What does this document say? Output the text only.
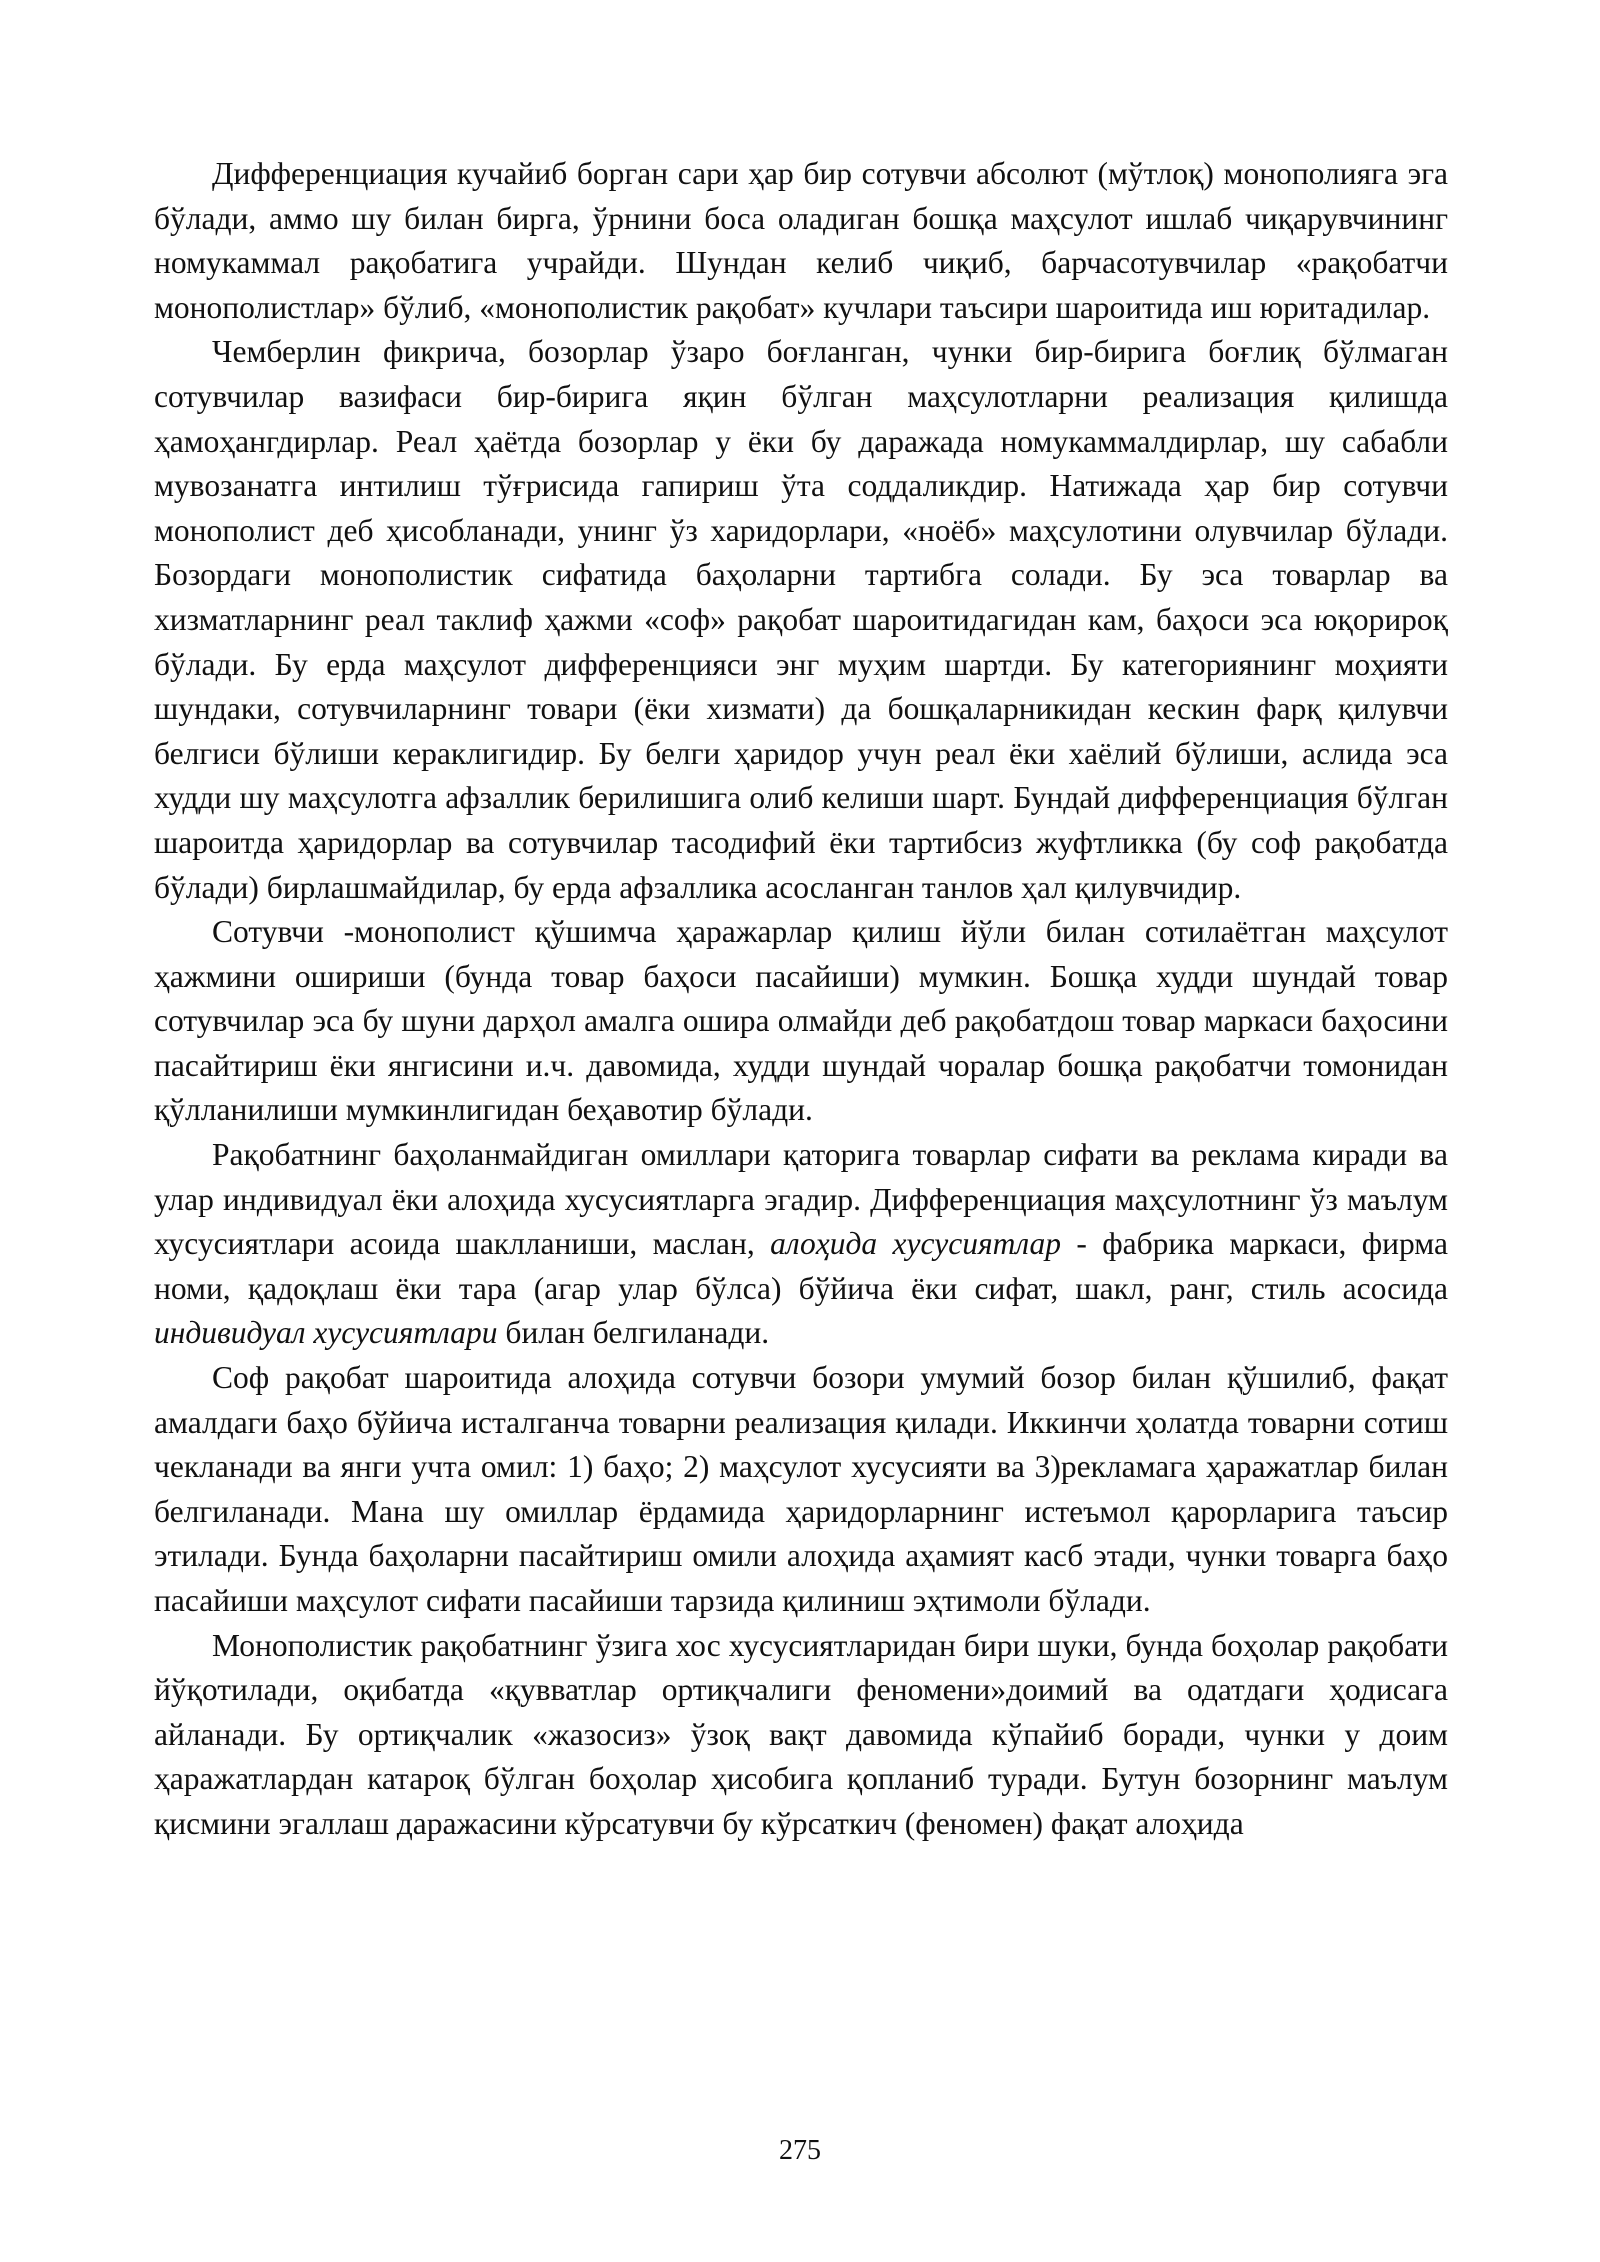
Дифференциация кучайиб борган сари ҳар бир сотувчи абсолют (мўтлоқ) монополияга эга бўлади, аммо шу билан бирга, ўрнини боса оладиган бошқа маҳсулот ишлаб чиқарувчининг номукаммал рақобатига учрайди. Шундан келиб чиқиб, барчасотувчилар «рақобатчи монополистлар» бўлиб, «монополистик рақобат» кучлари таъсири шароитида иш юритадилар.

Чемберлин фикрича, бозорлар ўзаро боғланган, чунки бир-бирига боғлиқ бўлмаган сотувчилар вазифаси бир-бирига яқин бўлган маҳсулотларни реализация қилишда ҳамоҳангдирлар. Реал ҳаётда бозорлар у ёки бу даражада номукаммалдирлар, шу сабабли мувозанатга интилиш тўғрисида гапириш ўта соддаликдир. Натижада ҳар бир сотувчи монополист деб ҳисобланади, унинг ўз харидорлари, «ноёб» маҳсулотини олувчилар бўлади. Бозордаги монополистик сифатида баҳоларни тартибга солади. Бу эса товарлар ва хизматларнинг реал таклиф ҳажми «соф» рақобат шароитидагидан кам, баҳоси эса юқорироқ бўлади. Бу ерда маҳсулот дифференцияси энг муҳим шартди. Бу категориянинг моҳияти шундаки, сотувчиларнинг товари (ёки хизмати) да бошқаларникидан кескин фарқ қилувчи белгиси бўлиши кераклигидир. Бу белги ҳаридор учун реал ёки хаёлий бўлиши, аслида эса худди шу маҳсулотга афзаллик берилишига олиб келиши шарт. Бундай дифференциация бўлган шароитда ҳаридорлар ва сотувчилар тасодифий ёки тартибсиз жуфтликка (бу соф рақобатда бўлади) бирлашмайдилар, бу ерда афзаллика асосланган танлов ҳал қилувчидир.

Сотувчи -монополист қўшимча ҳаражарлар қилиш йўли билан сотилаётган маҳсулот ҳажмини ошириши (бунда товар баҳоси пасайиши) мумкин. Бошқа худди шундай товар сотувчилар эса бу шуни дарҳол амалга ошира олмайди деб рақобатдош товар маркаси баҳосини пасайтириш ёки янгисини и.ч. давомида, худди шундай чоралар бошқа рақобатчи томонидан қўлланилиши мумкинлигидан беҳавотир бўлади.

Рақобатнинг баҳоланмайдиган омиллари қаторига товарлар сифати ва реклама киради ва улар индивидуал ёки алоҳида хусусиятларга эгадир. Дифференциация маҳсулотнинг ўз маълум хусусиятлари асоида шаклланиши, маслан, алоҳида хусусиятлар - фабрика маркаси, фирма номи, қадоқлаш ёки тара (агар улар бўлса) бўйича ёки сифат, шакл, ранг, стиль асосида индивидуал хусусиятлари билан белгиланади.

Соф рақобат шароитида алоҳида сотувчи бозори умумий бозор билан қўшилиб, фақат амалдаги баҳо бўйича исталганча товарни реализация қилади. Иккинчи ҳолатда товарни сотиш чекланади ва янги учта омил: 1) баҳо; 2) маҳсулот хусусияти ва 3)рекламага ҳаражатлар билан белгиланади. Мана шу омиллар ёрдамида ҳаридорларнинг истеъмол қарорларига таъсир этилади. Бунда баҳоларни пасайтириш омили алоҳида аҳамият касб этади, чунки товарга баҳо пасайиши маҳсулот сифати пасайиши тарзида қилиниш эҳтимоли бўлади.

Монополистик рақобатнинг ўзига хос хусусиятларидан бири шуки, бунда боҳолар рақобати йўқотилади, оқибатда «қувватлар ортиқчалиги феномени»доимий ва одатдаги ҳодисага айланади. Бу ортиқчалик «жазосиз» ўзоқ вақт давомида кўпайиб боради, чунки у доим ҳаражатлардан катароқ бўлган боҳолар ҳисобига қопланиб туради. Бутун бозорнинг маълум қисмини эгаллаш даражасини кўрсатувчи бу кўрсаткич (феномен) фақат алоҳида

275
